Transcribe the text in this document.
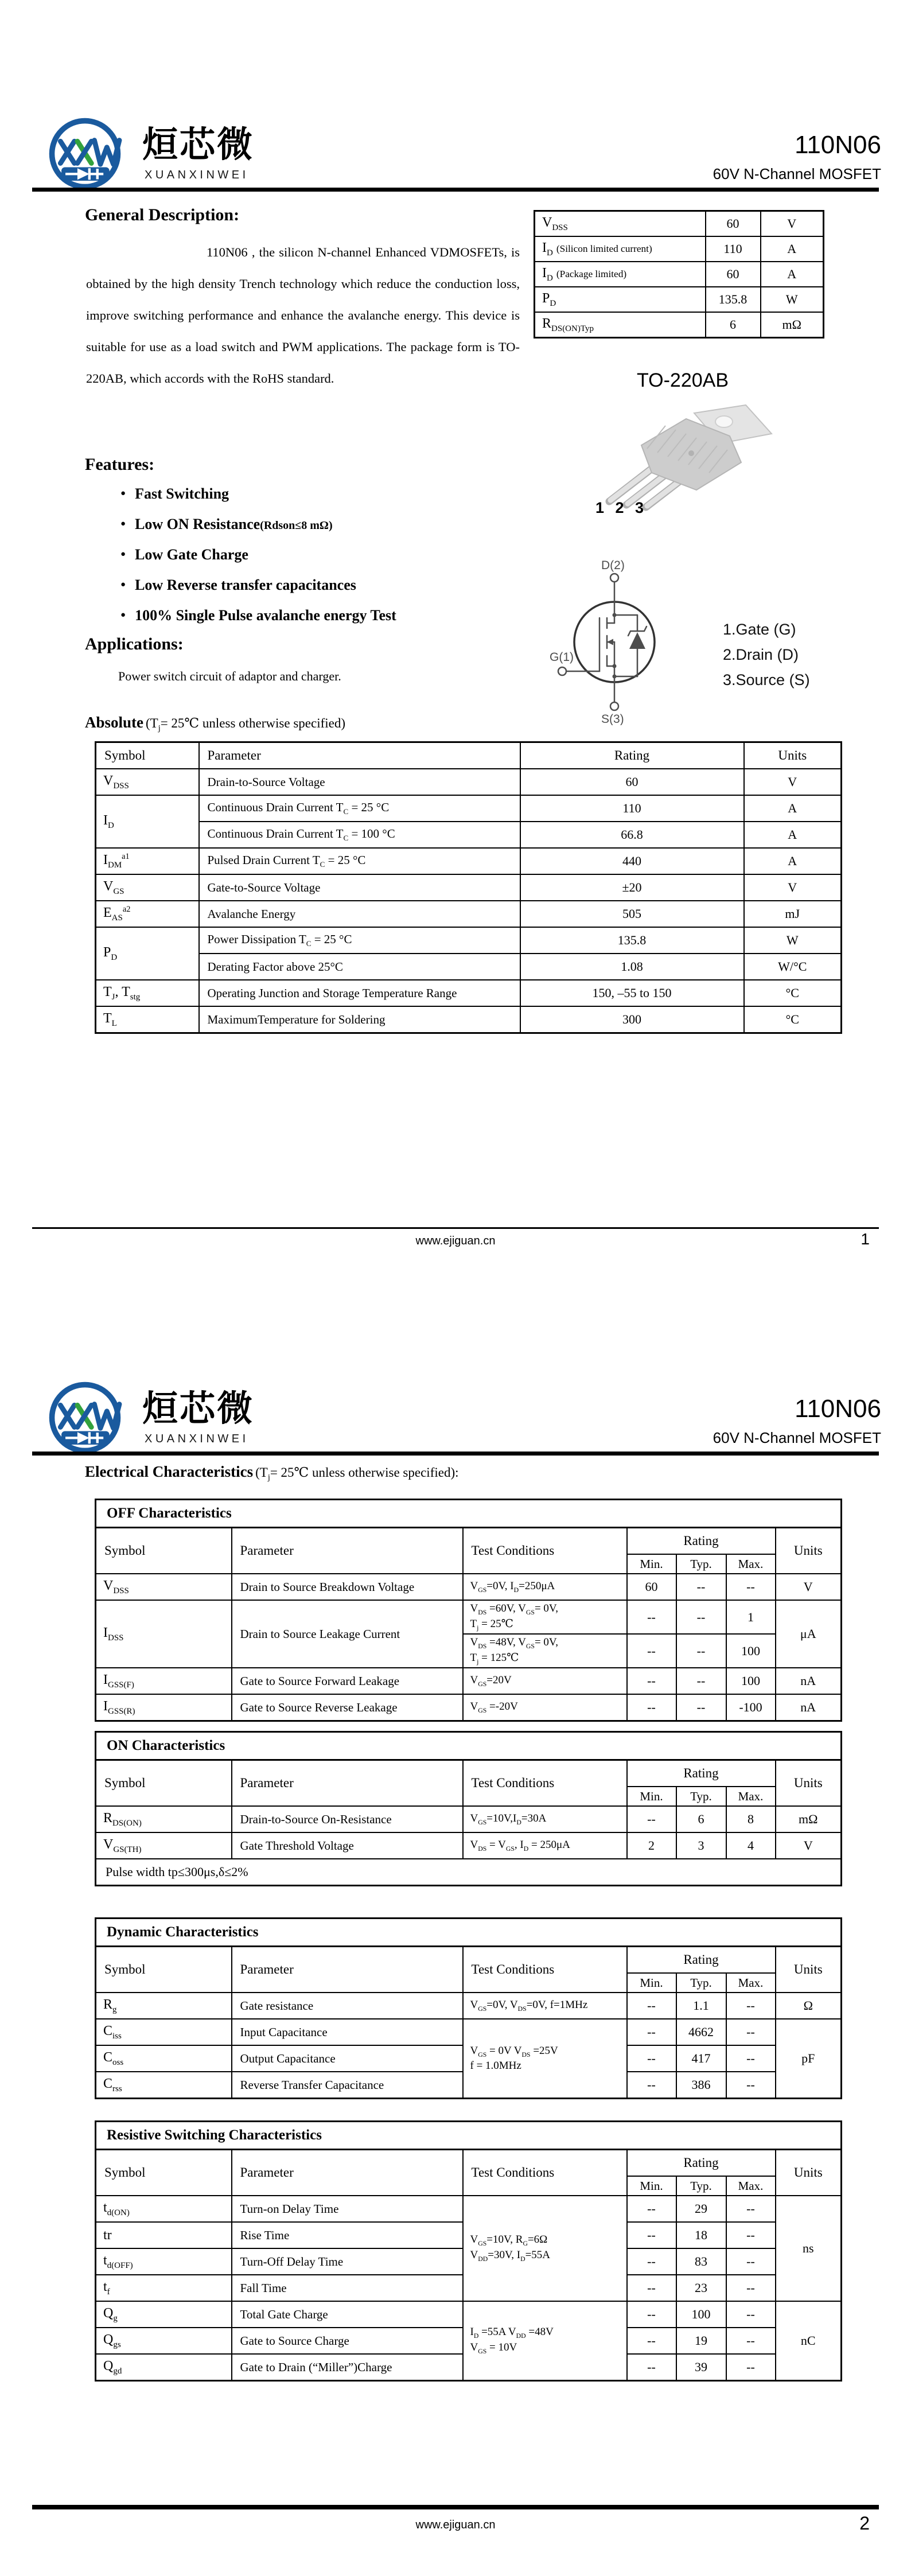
烜芯微
XUANXINWEI
110N06
60V N-Channel MOSFET
General Description:
110N06 , the silicon N-channel Enhanced VDMOSFETs, is obtained by the high density Trench technology which reduce the conduction loss, improve switching performance and enhance the avalanche energy. This device is suitable for use as a load switch and PWM applications. The package form is TO-220AB, which accords with the RoHS standard.
$V_{DSS}$	60	V
$I_D$ (Silicon limited current)	110	A
$I_D$ (Package limited)	60	A
$P_D$	135.8	W
$R_{DS(ON)Typ}$	6	mΩ
TO-220AB
1 2 3
Features:
● Fast Switching
● Low ON Resistance(Rdson≤8 mΩ)
● Low Gate Charge
● Low Reverse transfer capacitances
● 100% Single Pulse avalanche energy Test
Applications:
Power switch circuit of adaptor and charger.
D(2)
G(1)
S(3)
1.Gate (G)
2.Drain (D)
3.Source (S)
Absolute ($T_j=$ 25℃ unless otherwise specified)
Symbol	Parameter	Rating	Units
$V_{DSS}$	Drain-to-Source Voltage	60	V
$I_D$	Continuous Drain Current $T_C = 25$ °C	110	A
	Continuous Drain Current $T_C = 100$ °C	66.8	A
$I_{DM}^{a1}$	Pulsed Drain Current $T_C = 25$ °C	440	A
$V_{GS}$	Gate-to-Source Voltage	±20	V
$E_{AS}^{a2}$	Avalanche Energy	505	mJ
$P_D$	Power Dissipation $T_C = 25$ °C	135.8	W
	Derating Factor above 25°C	1.08	W/°C
$T_J$, $T_{stg}$	Operating Junction and Storage Temperature Range	150, –55 to 150	°C
$T_L$	MaximumTemperature for Soldering	300	°C
www.ejiguan.cn	1
烜芯微
XUANXINWEI
110N06
60V N-Channel MOSFET
Electrical Characteristics ($T_j=$ 25℃ unless otherwise specified):
OFF Characteristics						
Symbol	Parameter	Test Conditions	Rating			Units
			Min.	Typ.	Max.	
$V_{DSS}$	Drain to Source Breakdown Voltage	$V_{GS}=0V$, $I_D=250\mu A$	60	--	--	V
$I_{DSS}$	Drain to Source Leakage Current	$V_{DS} =60V$, $V_{GS}= 0V$,
$T_j$ = 25℃	--	--	1	μA
		$V_{DS} =48V$, $V_{GS}= 0V$,
$T_j$ = 125℃	--	--	100	
$I_{GSS(F)}$	Gate to Source Forward Leakage	$V_{GS}=20V$	--	--	100	nA
$I_{GSS(R)}$	Gate to Source Reverse Leakage	$V_{GS} =-20V$	--	--	-100	nA
ON Characteristics						
Symbol	Parameter	Test Conditions	Rating			Units
			Min.	Typ.	Max.	
$R_{DS(ON)}$	Drain-to-Source On-Resistance	$V_{GS}=10V,I_D=30A$	--	6	8	mΩ
$V_{GS(TH)}$	Gate Threshold Voltage	$V_{DS} = V_{GS}$, $I_D = 250\mu A$	2	3	4	V
Pulse width tp≤300μs,δ≤2%						
Dynamic Characteristics						
Symbol	Parameter	Test Conditions	Rating			Units
			Min.	Typ.	Max.	
$R_g$	Gate resistance	$V_{GS}=0V$, $V_{DS}=0V$, f=1MHz	--	1.1	--	Ω
$C_{iss}$	Input Capacitance	$V_{GS} = 0V$ $V_{DS} =25V$
f = 1.0MHz	--	4662	--	pF
$C_{oss}$	Output Capacitance		--	417	--	
$C_{rss}$	Reverse Transfer Capacitance		--	386	--	
Resistive Switching Characteristics						
Symbol	Parameter	Test Conditions	Rating			Units
			Min.	Typ.	Max.	
$t_{d(ON)}$	Turn-on Delay Time	$V_{GS}=10V$, $R_G=6\Omega$
$V_{DD}=30V$, $I_D=55A$	--	29	--	ns
tr	Rise Time		--	18	--	
$t_{d(OFF)}$	Turn-Off Delay Time		--	83	--	
$t_f$	Fall Time		--	23	--	
$Q_g$	Total Gate Charge	$I_D =55A$ $V_{DD} =48V$
$V_{GS} = 10V$	--	100	--	nC
$Q_{gs}$	Gate to Source Charge		--	19	--	
$Q_{gd}$	Gate to Drain (“Miller”)Charge		--	39	--	
www.ejiguan.cn	2
